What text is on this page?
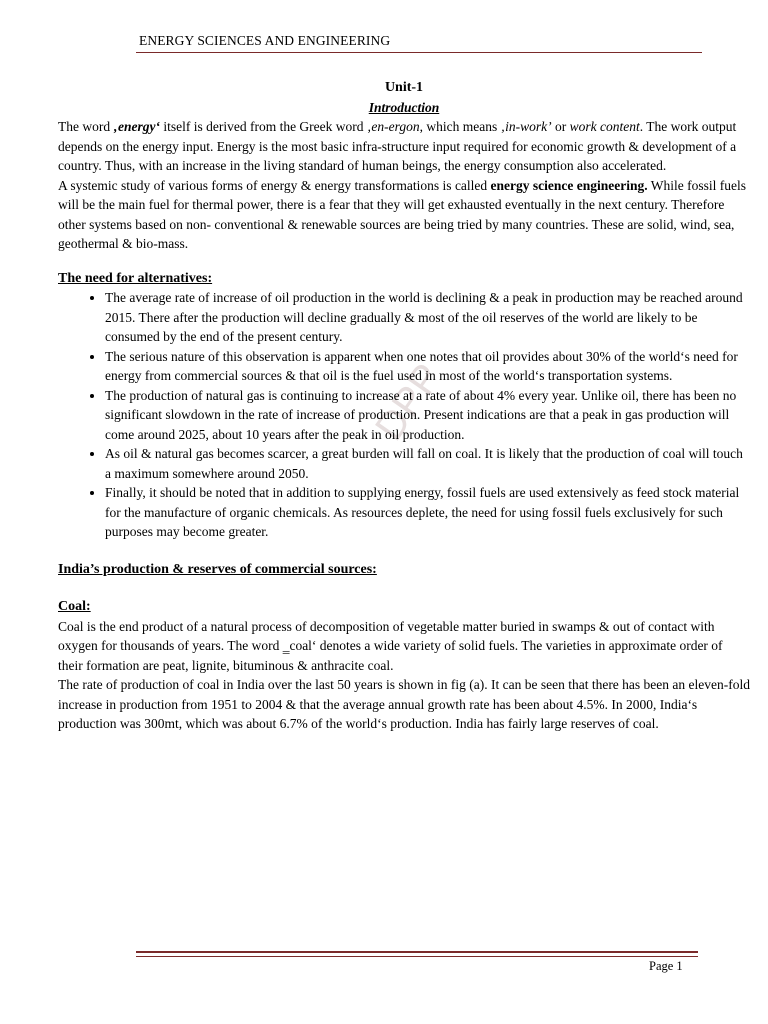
ENERGY SCIENCES AND ENGINEERING
DPP

Unit-1

Introduction

The word ‚energy‘ itself is derived from the Greek word ‚en-ergon, which means ‚in-work’ or work content. The work output depends on the energy input. Energy is the most basic infra-structure input required for economic growth & development of a country. Thus, with an increase in the living standard of human beings, the energy consumption also accelerated.

A systemic study of various forms of energy & energy transformations is called energy science engineering. While fossil fuels will be the main fuel for thermal power, there is a fear that they will get exhausted eventually in the next century. Therefore other systems based on non- conventional & renewable sources are being tried by many countries. These are solid, wind, sea, geothermal & bio-mass.

The need for alternatives:

• The average rate of increase of oil production in the world is declining & a peak in production may be reached around 2015. There after the production will decline gradually & most of the oil reserves of the world are likely to be consumed by the end of the present century.
• The serious nature of this observation is apparent when one notes that oil provides about 30% of the world‘s need for energy from commercial sources & that oil is the fuel used in most of the world‘s transportation systems.
• The production of natural gas is continuing to increase at a rate of about 4% every year. Unlike oil, there has been no significant slowdown in the rate of increase of production. Present indications are that a peak in gas production will come around 2025, about 10 years after the peak in oil production.
• As oil & natural gas becomes scarcer, a great burden will fall on coal. It is likely that the production of coal will touch a maximum somewhere around 2050.
• Finally, it should be noted that in addition to supplying energy, fossil fuels are used extensively as feed stock material for the manufacture of organic chemicals. As resources deplete, the need for using fossil fuels exclusively for such purposes may become greater.

India’s production & reserves of commercial sources:

Coal:

Coal is the end product of a natural process of decomposition of vegetable matter buried in swamps & out of contact with oxygen for thousands of years. The word ‗coal‘ denotes a wide variety of solid fuels. The varieties in approximate order of their formation are peat, lignite, bituminous & anthracite coal.

The rate of production of coal in India over the last 50 years is shown in fig (a). It can be seen that there has been an eleven-fold increase in production from 1951 to 2004 & that the average annual growth rate has been about 4.5%. In 2000, India‘s production was 300mt, which was about 6.7% of the world‘s production. India has fairly large reserves of coal.

Page 1
